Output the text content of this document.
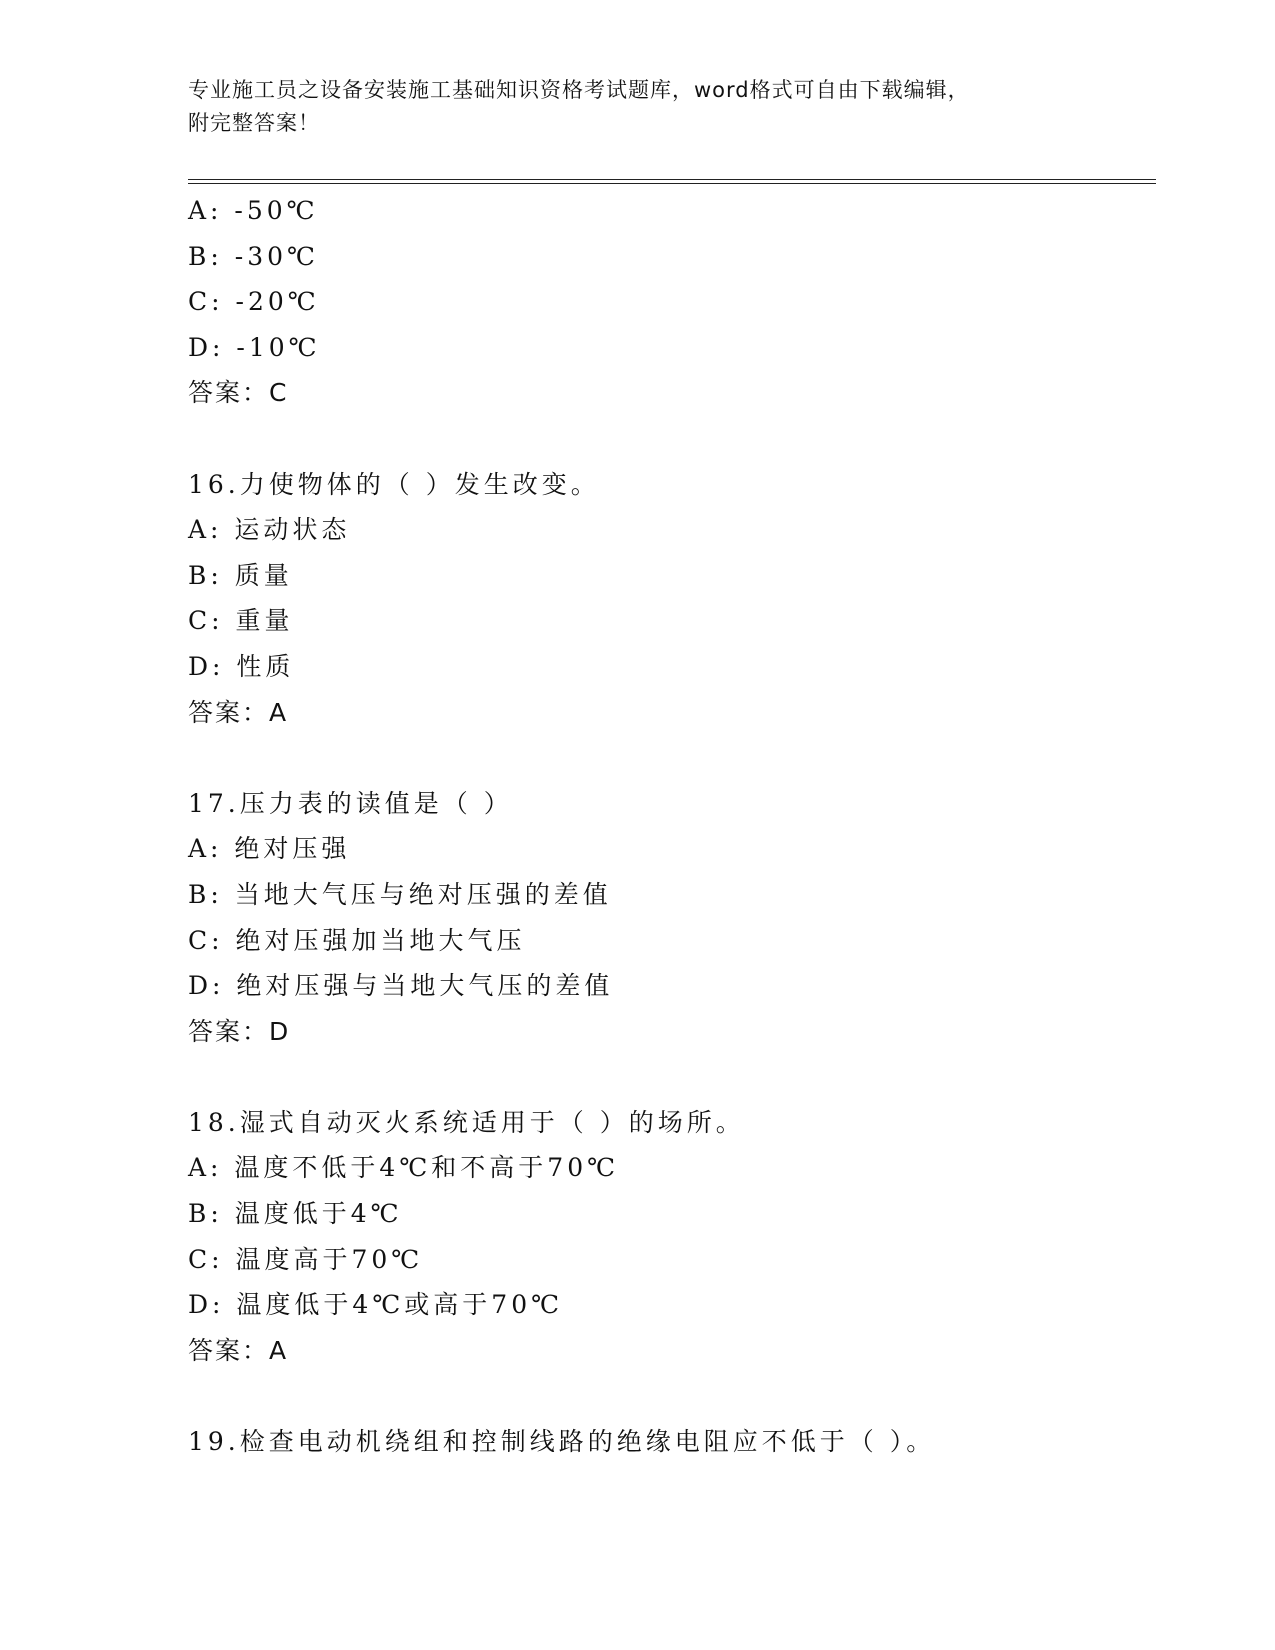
专业施工员之设备安装施工基础知识资格考试题库，word格式可自由下载编辑，
附完整答案！
A: -50℃
B: -30℃
C: -20℃
D: -10℃
答案：C
16.力使物体的（ ）发生改变。
A: 运动状态
B: 质量
C: 重量
D: 性质
答案：A
17.压力表的读值是（ ）
A: 绝对压强
B: 当地大气压与绝对压强的差值
C: 绝对压强加当地大气压
D: 绝对压强与当地大气压的差值
答案：D
18.湿式自动灭火系统适用于（ ）的场所。
A: 温度不低于4℃和不高于70℃
B: 温度低于4℃
C: 温度高于70℃
D: 温度低于4℃或高于70℃
答案：A
19.检查电动机绕组和控制线路的绝缘电阻应不低于（ ）。
